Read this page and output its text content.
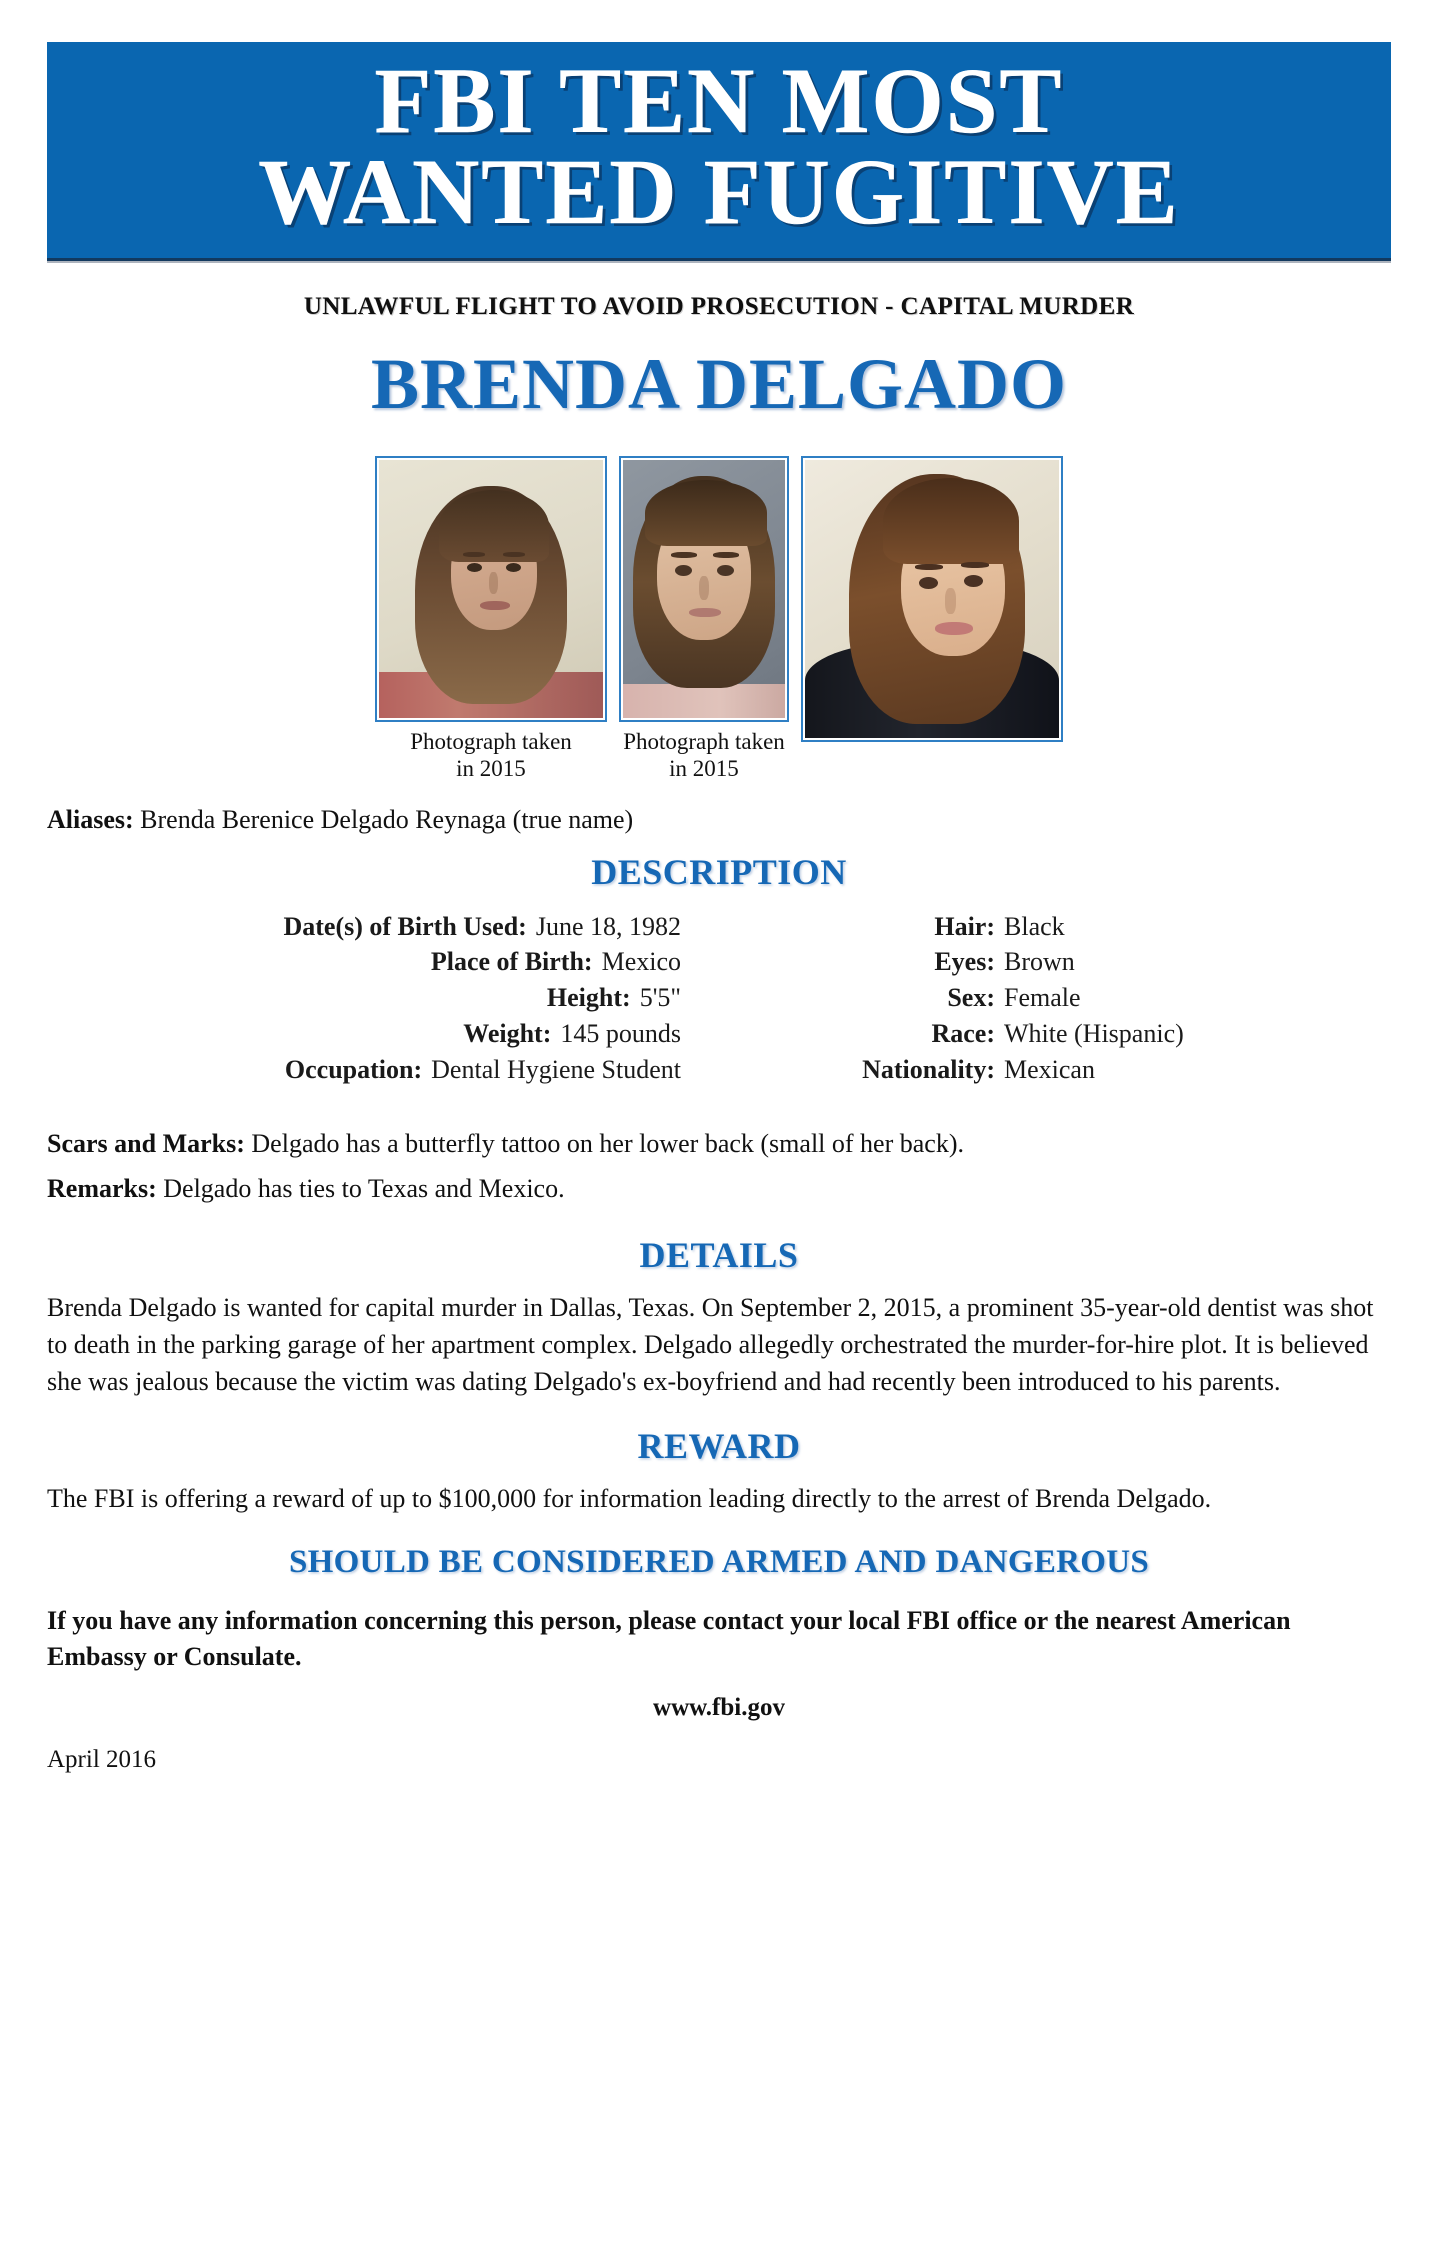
FBI TEN MOST
WANTED FUGITIVE
UNLAWFUL FLIGHT TO AVOID PROSECUTION - CAPITAL MURDER
BRENDA DELGADO
Photograph taken
in 2015
Photograph taken
in 2015
Aliases: Brenda Berenice Delgado Reynaga (true name)
DESCRIPTION
Date(s) of Birth Used: June 18, 1982
Place of Birth: Mexico
Height: 5'5"
Weight: 145 pounds
Occupation: Dental Hygiene Student
Hair: Black
Eyes: Brown
Sex: Female
Race: White (Hispanic)
Nationality: Mexican
Scars and Marks: Delgado has a butterfly tattoo on her lower back (small of her back).
Remarks: Delgado has ties to Texas and Mexico.
DETAILS
Brenda Delgado is wanted for capital murder in Dallas, Texas. On September 2, 2015, a prominent 35-year-old dentist was shot to death in the parking garage of her apartment complex. Delgado allegedly orchestrated the murder-for-hire plot. It is believed she was jealous because the victim was dating Delgado's ex-boyfriend and had recently been introduced to his parents.
REWARD
The FBI is offering a reward of up to $100,000 for information leading directly to the arrest of Brenda Delgado.
SHOULD BE CONSIDERED ARMED AND DANGEROUS
If you have any information concerning this person, please contact your local FBI office or the nearest American Embassy or Consulate.
www.fbi.gov
April 2016
